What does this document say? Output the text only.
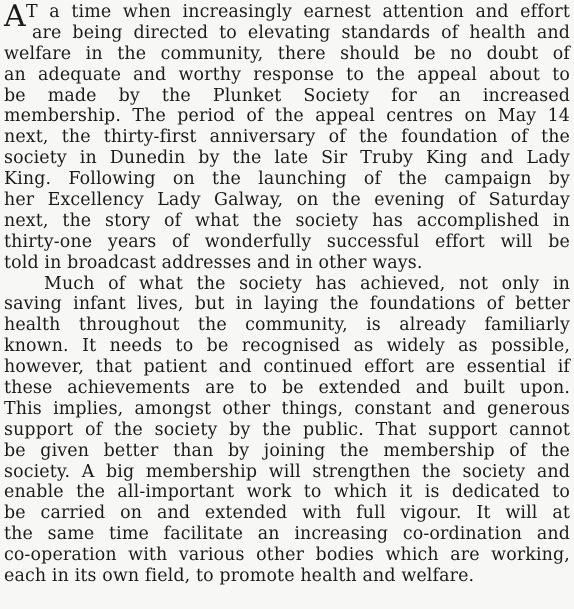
A T a time when increasingly earnest attention and effort
are being directed to elevating standards of health and
welfare in the community, there should be no doubt of
an adequate and worthy response to the appeal about to
be made by the Plunket Society for an increased
membership. The period of the appeal centres on May 14
next, the thirty-first anniversary of the foundation of the
society in Dunedin by the late Sir Truby King and Lady
King. Following on the launching of the campaign by
her Excellency Lady Galway, on the evening of Saturday
next, the story of what the society has accomplished in
thirty-one years of wonderfully successful effort will be
told in broadcast addresses and in other ways.
Much of what the society has achieved, not only in
saving infant lives, but in laying the foundations of better
health throughout the community, is already familiarly
known. It needs to be recognised as widely as possible,
however, that patient and continued effort are essential if
these achievements are to be extended and built upon.
This implies, amongst other things, constant and generous
support of the society by the public. That support cannot
be given better than by joining the membership of the
society. A big membership will strengthen the society and
enable the all-important work to which it is dedicated to
be carried on and extended with full vigour. It will at
the same time facilitate an increasing co-ordination and
co-operation with various other bodies which are working,
each in its own field, to promote health and welfare.
